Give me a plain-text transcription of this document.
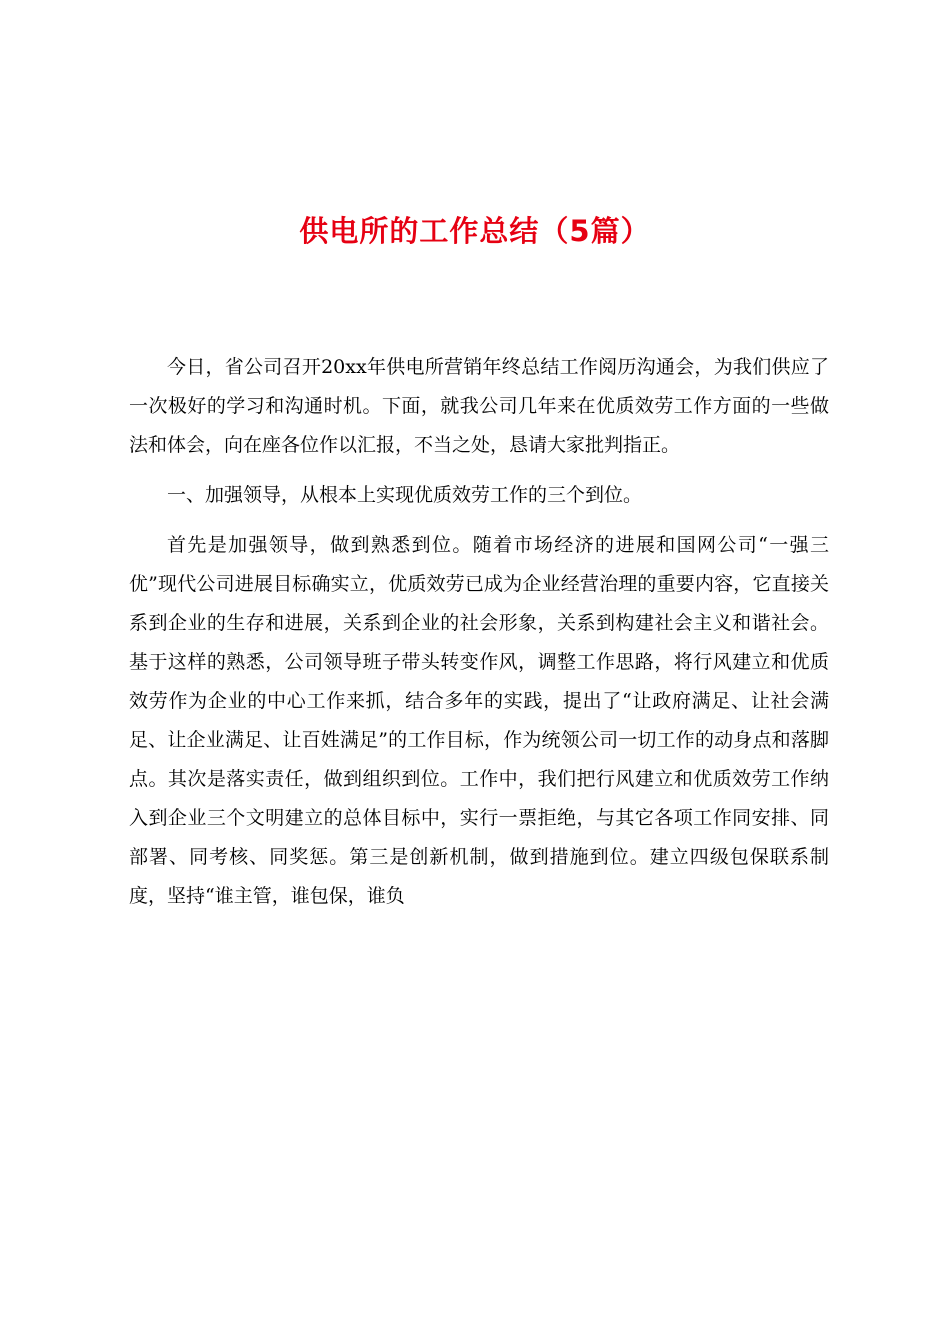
供电所的工作总结（5篇）

今日，省公司召开20xx年供电所营销年终总结工作阅历沟通会，为我们供应了一次极好的学习和沟通时机。下面，就我公司几年来在优质效劳工作方面的一些做法和体会，向在座各位作以汇报，不当之处，恳请大家批判指正。

一、加强领导，从根本上实现优质效劳工作的三个到位。

首先是加强领导，做到熟悉到位。随着市场经济的进展和国网公司“一强三优”现代公司进展目标确实立，优质效劳已成为企业经营治理的重要内容，它直接关系到企业的生存和进展，关系到企业的社会形象，关系到构建社会主义和谐社会。基于这样的熟悉，公司领导班子带头转变作风，调整工作思路，将行风建立和优质效劳作为企业的中心工作来抓，结合多年的实践，提出了“让政府满足、让社会满足、让企业满足、让百姓满足”的工作目标，作为统领公司一切工作的动身点和落脚点。其次是落实责任，做到组织到位。工作中，我们把行风建立和优质效劳工作纳入到企业三个文明建立的总体目标中，实行一票拒绝，与其它各项工作同安排、同部署、同考核、同奖惩。第三是创新机制，做到措施到位。建立四级包保联系制度，坚持“谁主管，谁包保，谁负
